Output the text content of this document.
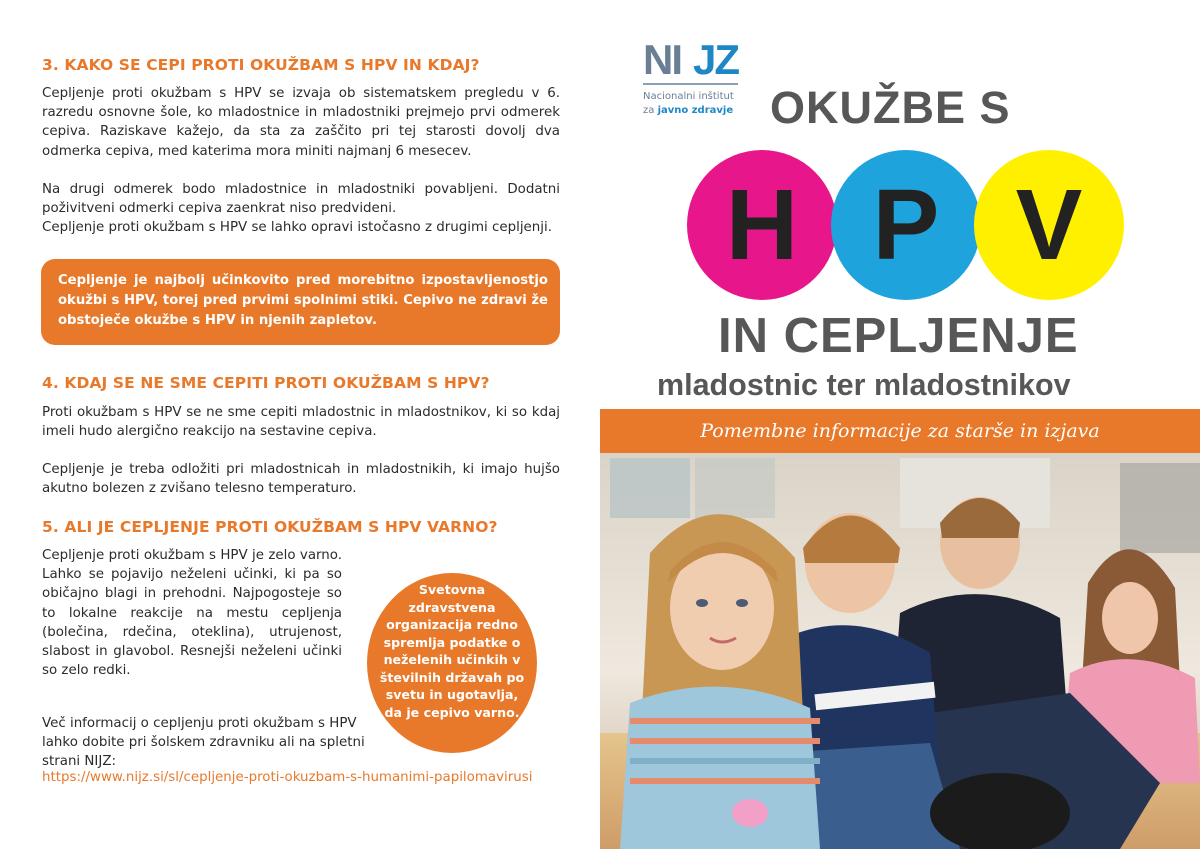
3. KAKO SE CEPI PROTI OKUŽBAM S HPV IN KDAJ?

Cepljenje proti okužbam s HPV se izvaja ob sistematskem pregledu v 6. razredu osnovne šole, ko mladostnice in mladostniki prejmejo prvi odmerek cepiva. Raziskave kažejo, da sta za zaščito pri tej starosti dovolj dva odmerka cepiva, med katerima mora miniti najmanj 6 mesecev.

Na drugi odmerek bodo mladostnice in mladostniki povabljeni. Dodatni poživitveni odmerki cepiva zaenkrat niso predvideni.

Cepljenje proti okužbam s HPV se lahko opravi istočasno z drugimi cepljenji.

Cepljenje je najbolj učinkovito pred morebitno izpostavljenostjo okužbi s HPV, torej pred prvimi spolnimi stiki. Cepivo ne zdravi že obstoječe okužbe s HPV in njenih zapletov.

4. KDAJ SE NE SME CEPITI PROTI OKUŽBAM S HPV?

Proti okužbam s HPV se ne sme cepiti mladostnic in mladostnikov, ki so kdaj imeli hudo alergično reakcijo na sestavine cepiva.

Cepljenje je treba odložiti pri mladostnicah in mladostnikih, ki imajo hujšo akutno bolezen z zvišano telesno temperaturo.

5. ALI JE CEPLJENJE PROTI OKUŽBAM S HPV VARNO?

Cepljenje proti okužbam s HPV je zelo varno. Lahko se pojavijo neželeni učinki, ki pa so običajno blagi in prehodni. Najpogosteje so to lokalne reakcije na mestu cepljenja (bolečina, rdečina, oteklina), utrujenost, slabost in glavobol. Resnejši neželeni učinki so zelo redki.

Svetovna zdravstvena organizacija redno spremlja podatke o neželenih učinkih v številnih državah po svetu in ugotavlja, da je cepivo varno.

Več informacij o cepljenju proti okužbam s HPV lahko dobite pri šolskem zdravniku ali na spletni strani NIJZ:

https://www.nijz.si/sl/cepljenje-proti-okuzbam-s-humanimi-papilomavirusi
NI JZ
Nacionalni inštitut
za javno zdravje OKUŽBE S
H P V
IN CEPLJENJE
mladostnic ter mladostnikov
Pomembne informacije za starše in izjava
